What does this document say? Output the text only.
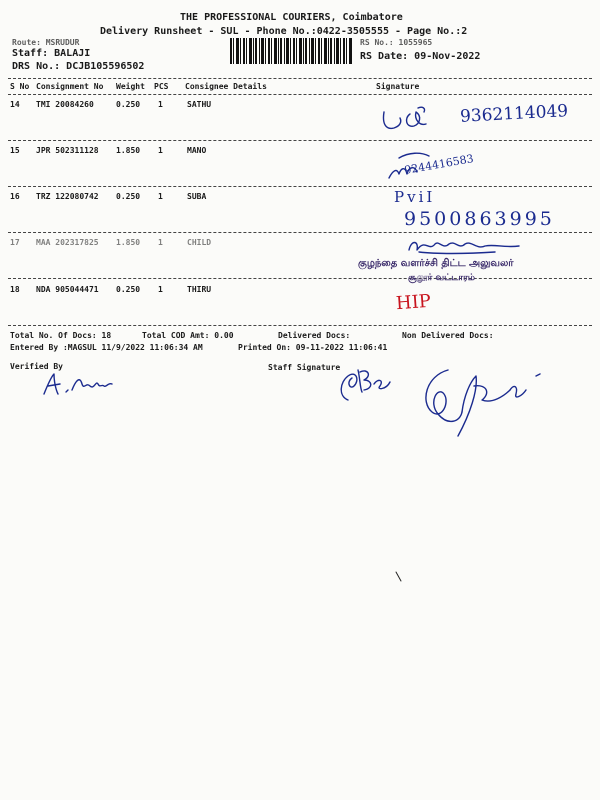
THE PROFESSIONAL COURIERS, Coimbatore
Delivery Runsheet - SUL - Phone No.:0422-3505555 - Page No.:2
Route: MSRUDUR	RS No.: 1055965
Staff: BALAJI
DRS No.: DCJB105596502
RS Date: 09-Nov-2022
S No Consignment No Weight PCS Consignee Details	Signature
14 TMI 20084260	0.250 1	SATHU
15 JPR 502311128 1.850 1	MANO
16 TRZ 122080742 0.250 1	SUBA
17 MAA 202317825 1.850 1	CHILD
18 NDA 905044471 0.250 1	THIRU
9362114049
9244416583
PviI
9500863995
குழந்தை வளர்ச்சி திட்ட அலுவலர்
சூலூர் வட்டாரம்
HIP
Total No. Of Docs: 18	Total COD Amt: 0.00	Delivered Docs:	Non Delivered Docs:
Entered By :MAGSUL 11/9/2022 11:06:34 AM	Printed On: 09-11-2022 11:06:41
Verified By	Staff Signature
